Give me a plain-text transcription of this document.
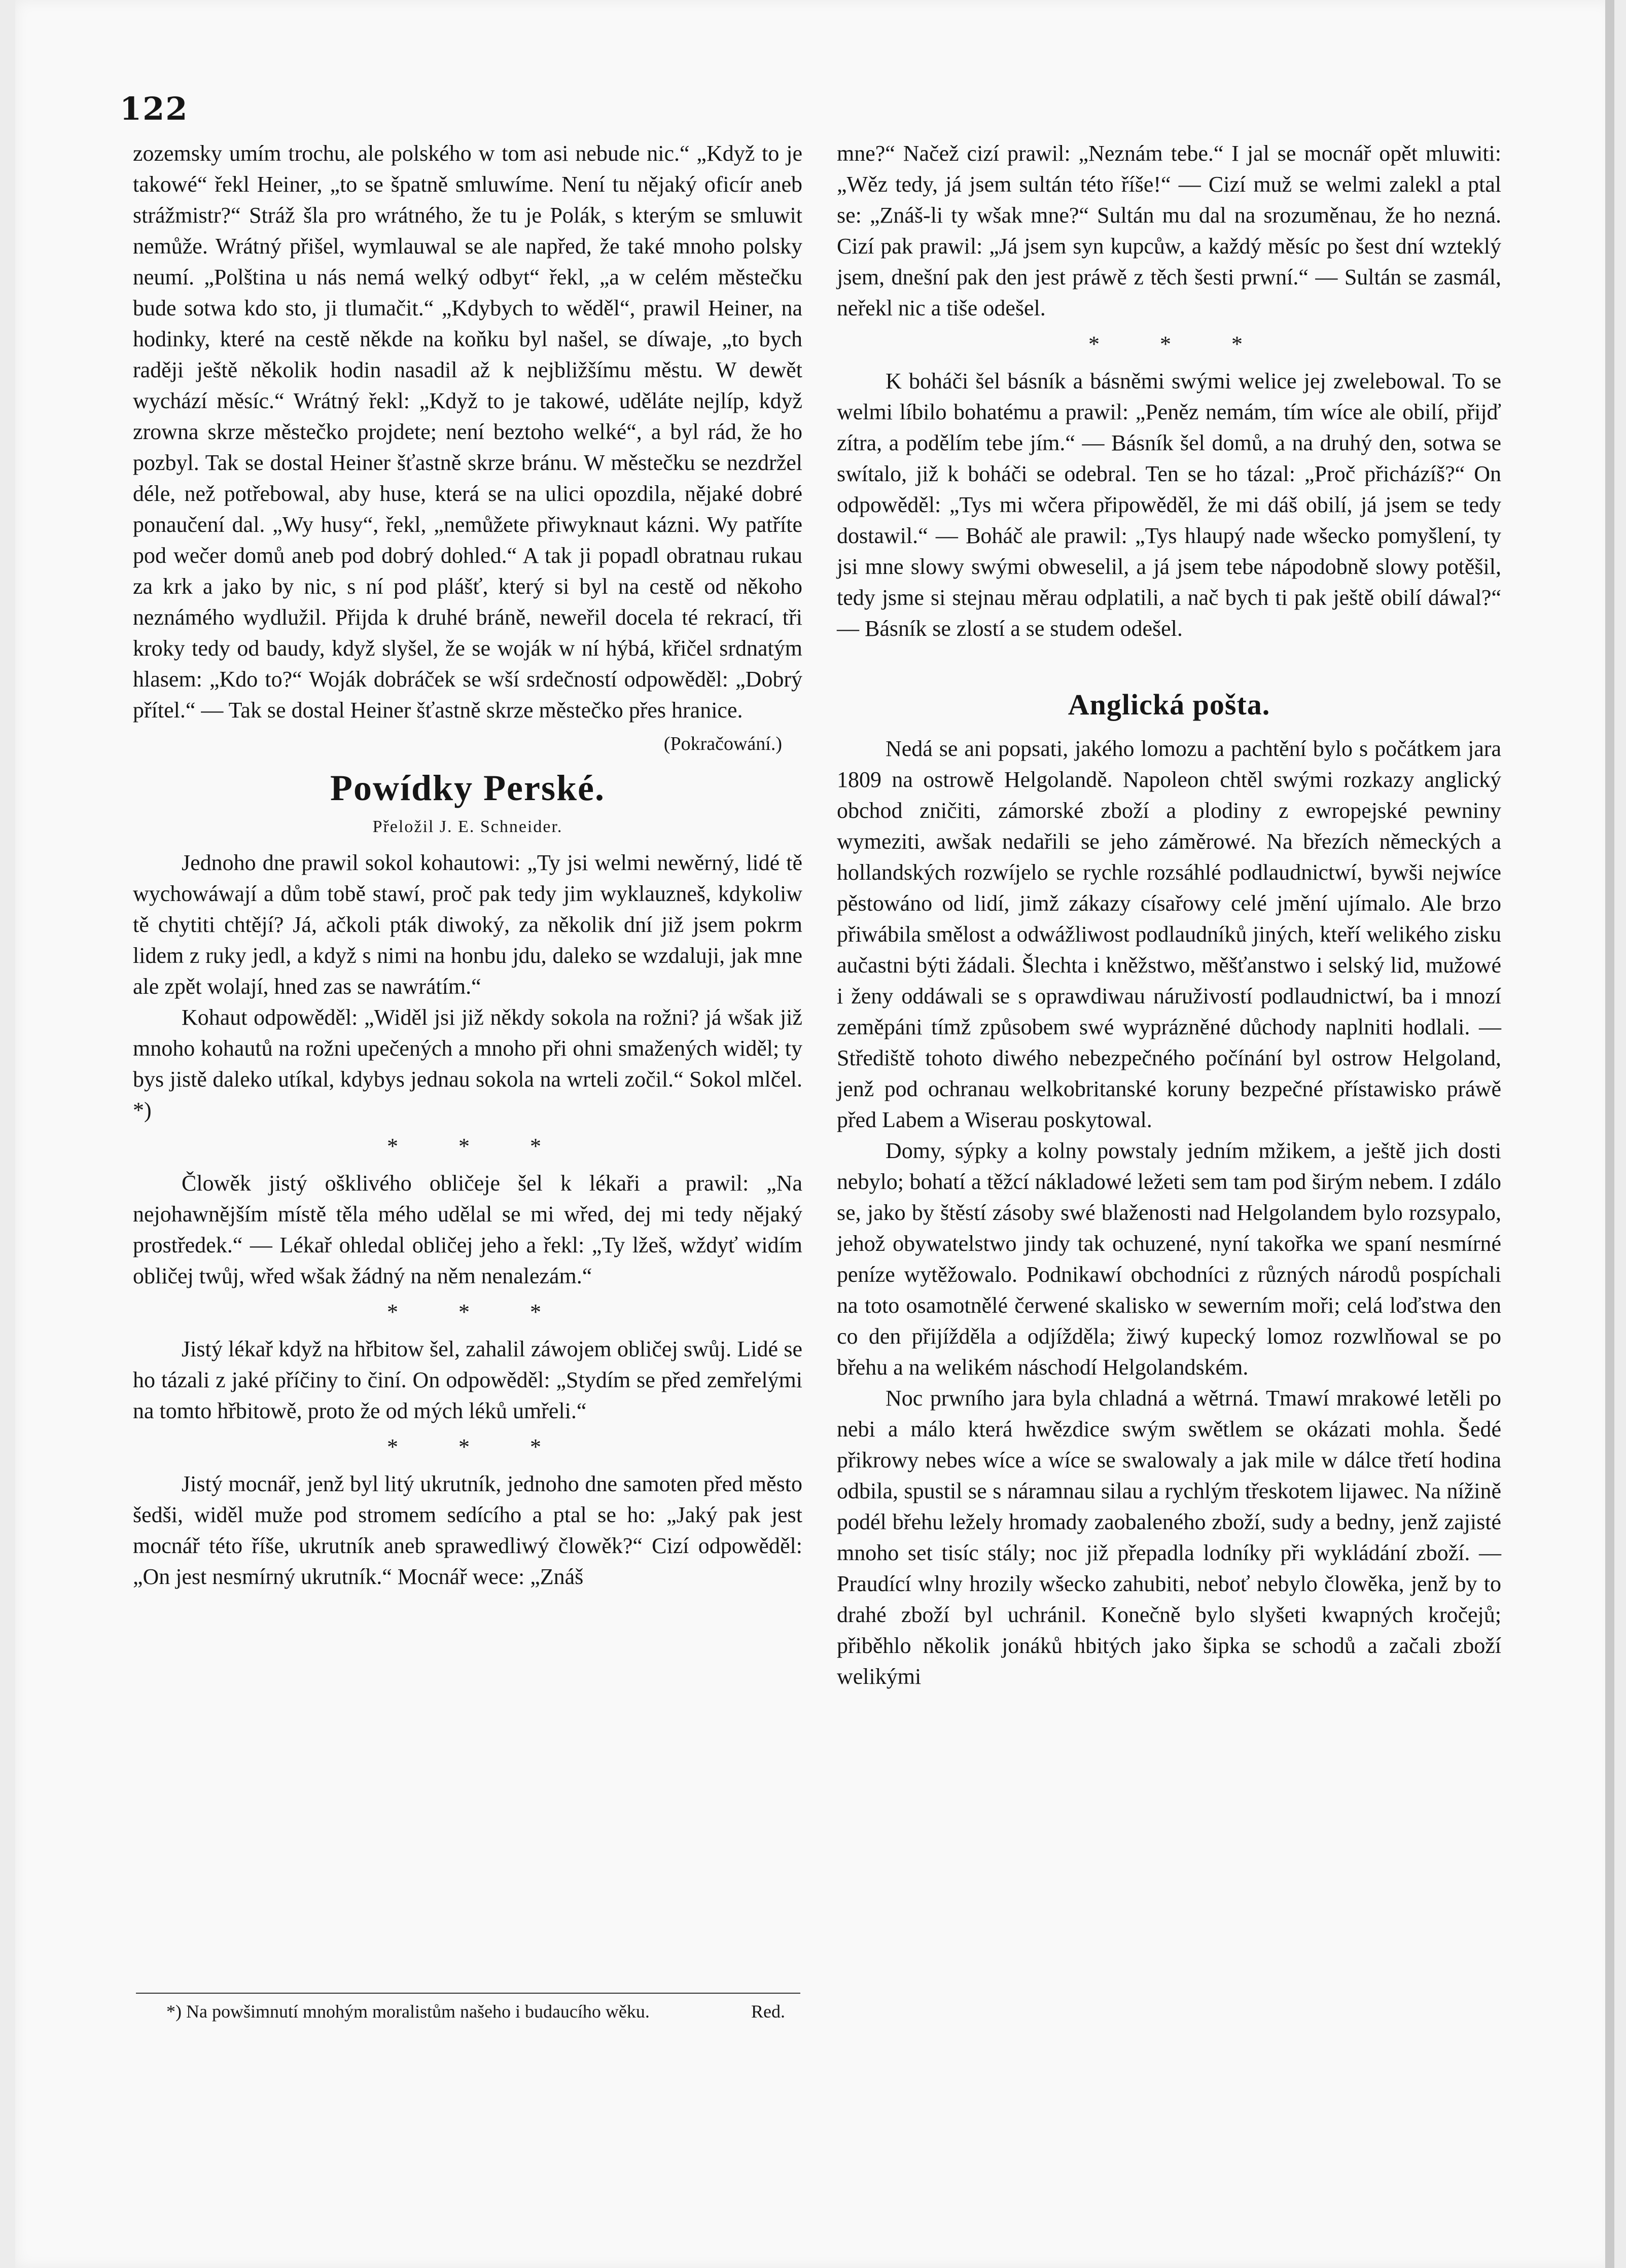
122

zozemsky umím trochu, ale polského w tom asi nebude nic.“ „Když to je takowé“ řekl Heiner, „to se špatně smluwíme. Není tu nějaký oficír aneb strážmistr?“ Stráž šla pro wrátného, že tu je Polák, s kterým se smluwit nemůže. Wrátný přišel, wymlauwal se ale napřed, že také mnoho polsky neumí. „Polština u nás nemá welký odbyt“ řekl, „a w celém městečku bude sotwa kdo sto, ji tlumačit.“ „Kdybych to wěděl“, prawil Heiner, na hodinky, které na cestě někde na koňku byl našel, se díwaje, „to bych raději ještě několik hodin nasadil až k nejbližšímu městu. W dewět wychází měsíc.“ Wrátný řekl: „Když to je takowé, uděláte nejlíp, když zrowna skrze městečko projdete; není beztoho welké“, a byl rád, že ho pozbyl. Tak se dostal Heiner šťastně skrze bránu. W městečku se nezdržel déle, než potřebowal, aby huse, která se na ulici opozdila, nějaké dobré ponaučení dal. „Wy husy“, řekl, „nemůžete přiwyknaut kázni. Wy patříte pod wečer domů aneb pod dobrý dohled.“ A tak ji popadl obratnau rukau za krk a jako by nic, s ní pod plášť, který si byl na cestě od někoho neznámého wydlužil. Přijda k druhé bráně, neweřil docela té rekrací, tři kroky tedy od baudy, když slyšel, že se woják w ní hýbá, křičel srdnatým hlasem: „Kdo to?“ Woják dobráček se wší srdečností odpowěděl: „Dobrý přítel.“ — Tak se dostal Heiner šťastně skrze městečko přes hranice.

(Pokračowání.)

Powídky Perské.

Přeložil J. E. Schneider.

Jednoho dne prawil sokol kohautowi: „Ty jsi welmi newěrný, lidé tě wychowáwají a dům tobě stawí, proč pak tedy jim wyklauzneš, kdykoliw tě chytiti chtějí? Já, ačkoli pták diwoký, za několik dní již jsem pokrm lidem z ruky jedl, a když s nimi na honbu jdu, daleko se wzdaluji, jak mne ale zpět wolají, hned zas se nawrátím.“

Kohaut odpowěděl: „Widěl jsi již někdy sokola na rožni? já wšak již mnoho kohautů na rožni upečených a mnoho při ohni smažených widěl; ty bys jistě daleko utíkal, kdybys jednau sokola na wrteli zočil.“ Sokol mlčel. *)

* * *

Člowěk jistý ošklivého obličeje šel k lékaři a prawil: „Na nejohawnějším místě těla mého udělal se mi wřed, dej mi tedy nějaký prostředek.“ — Lékař ohledal obličej jeho a řekl: „Ty lžeš, wždyť widím obličej twůj, wřed wšak žádný na něm nenalezám.“

* * *

Jistý lékař když na hřbitow šel, zahalil záwojem obličej swůj. Lidé se ho tázali z jaké příčiny to činí. On odpowěděl: „Stydím se před zemřelými na tomto hřbitowě, proto že od mých léků umřeli.“

* * *

Jistý mocnář, jenž byl litý ukrutník, jednoho dne samoten před město šedši, widěl muže pod stromem sedícího a ptal se ho: „Jaký pak jest mocnář této říše, ukrutník aneb sprawedliwý člowěk?“ Cizí odpowěděl: „On jest nesmírný ukrutník.“ Mocnář wece: „Znáš

*) Na powšimnutí mnohým moralistům našeho i budaucího wěku.	Red.

mne?“ Načež cizí prawil: „Neznám tebe.“ I jal se mocnář opět mluwiti: „Wěz tedy, já jsem sultán této říše!“ — Cizí muž se welmi zalekl a ptal se: „Znáš-li ty wšak mne?“ Sultán mu dal na srozuměnau, že ho nezná. Cizí pak prawil: „Já jsem syn kupcůw, a každý měsíc po šest dní wzteklý jsem, dnešní pak den jest práwě z těch šesti prwní.“ — Sultán se zasmál, neřekl nic a tiše odešel.

* * *

K boháči šel básník a básněmi swými welice jej zwelebowal. To se welmi líbilo bohatému a prawil: „Peněz nemám, tím wíce ale obilí, přijď zítra, a podělím tebe jím.“ — Básník šel domů, a na druhý den, sotwa se swítalo, již k boháči se odebral. Ten se ho tázal: „Proč přicházíš?“ On odpowěděl: „Tys mi wčera připowěděl, že mi dáš obilí, já jsem se tedy dostawil.“ — Boháč ale prawil: „Tys hlaupý nade wšecko pomyšlení, ty jsi mne slowy swými obweselil, a já jsem tebe nápodobně slowy potěšil, tedy jsme si stejnau měrau odplatili, a nač bych ti pak ještě obilí dáwal?“ — Básník se zlostí a se studem odešel.

Anglická pošta.

Nedá se ani popsati, jakého lomozu a pachtění bylo s počátkem jara 1809 na ostrowě Helgolandě. Napoleon chtěl swými rozkazy anglický obchod zničiti, zámorské zboží a plodiny z ewropejské pewniny wymeziti, awšak nedařili se jeho záměrowé. Na březích německých a hollandských rozwíjelo se rychle rozsáhlé podlaudnictwí, bywši nejwíce pěstowáno od lidí, jimž zákazy císařowy celé jmění ujímalo. Ale brzo přiwábila smělost a odwážliwost podlaudníků jiných, kteří welikého zisku aučastni býti žádali. Šlechta i kněžstwo, měšťanstwo i selský lid, mužowé i ženy oddáwali se s oprawdiwau náruživostí podlaudnictwí, ba i mnozí zeměpáni tímž způsobem swé wyprázněné důchody naplniti hodlali. — Střediště tohoto diwého nebezpečného počínání byl ostrow Helgoland, jenž pod ochranau welkobritanské koruny bezpečné přístawisko práwě před Labem a Wiserau poskytowal.

Domy, sýpky a kolny powstaly jedním mžikem, a ještě jich dosti nebylo; bohatí a těžcí nákladowé ležeti sem tam pod širým nebem. I zdálo se, jako by štěstí zásoby swé blaženosti nad Helgolandem bylo rozsypalo, jehož obywatelstwo jindy tak ochuzené, nyní takořka we spaní nesmírné peníze wytěžowalo. Podnikawí obchodníci z různých národů pospíchali na toto osamotnělé čerwené skalisko w sewerním moři; celá loďstwa den co den přijížděla a odjížděla; žiwý kupecký lomoz rozwlňowal se po břehu a na welikém náschodí Helgolandském.

Noc prwního jara byla chladná a wětrná. Tmawí mrakowé letěli po nebi a málo která hwězdice swým swětlem se okázati mohla. Šedé přikrowy nebes wíce a wíce se swalowaly a jak mile w dálce třetí hodina odbila, spustil se s náramnau silau a rychlým třeskotem lijawec. Na nížině podél břehu ležely hromady zaobaleného zboží, sudy a bedny, jenž zajisté mnoho set tisíc stály; noc již přepadla lodníky při wykládání zboží. — Praudící wlny hrozily wšecko zahubiti, neboť nebylo člowěka, jenž by to drahé zboží byl uchránil. Konečně bylo slyšeti kwapných kročejů; přiběhlo několik jonáků hbitých jako šipka se schodů a začali zboží welikými
